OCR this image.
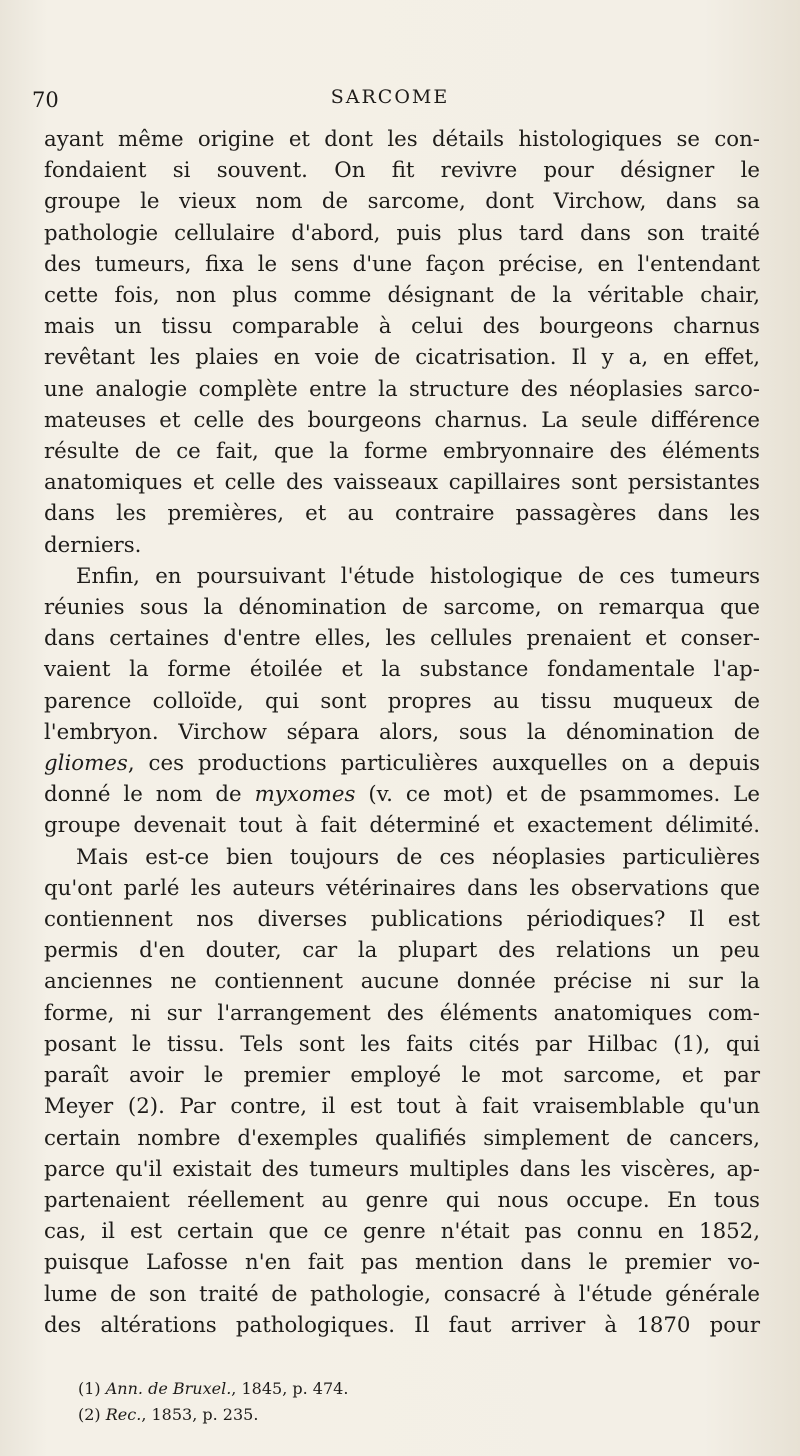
70	SARCOME
ayant même origine et dont les détails histologiques se con-
fondaient si souvent. On fit revivre pour désigner le
groupe le vieux nom de sarcome, dont Virchow, dans sa
pathologie cellulaire d'abord, puis plus tard dans son traité
des tumeurs, fixa le sens d'une façon précise, en l'entendant
cette fois, non plus comme désignant de la véritable chair,
mais un tissu comparable à celui des bourgeons charnus
revêtant les plaies en voie de cicatrisation. Il y a, en effet,
une analogie complète entre la structure des néoplasies sarco-
mateuses et celle des bourgeons charnus. La seule différence
résulte de ce fait, que la forme embryonnaire des éléments
anatomiques et celle des vaisseaux capillaires sont persistantes
dans les premières, et au contraire passagères dans les
derniers.
Enfin, en poursuivant l'étude histologique de ces tumeurs
réunies sous la dénomination de sarcome, on remarqua que
dans certaines d'entre elles, les cellules prenaient et conser-
vaient la forme étoilée et la substance fondamentale l'ap-
parence colloïde, qui sont propres au tissu muqueux de
l'embryon. Virchow sépara alors, sous la dénomination de
gliomes, ces productions particulières auxquelles on a depuis
donné le nom de myxomes (v. ce mot) et de psammomes. Le
groupe devenait tout à fait déterminé et exactement délimité.
Mais est-ce bien toujours de ces néoplasies particulières
qu'ont parlé les auteurs vétérinaires dans les observations que
contiennent nos diverses publications périodiques? Il est
permis d'en douter, car la plupart des relations un peu
anciennes ne contiennent aucune donnée précise ni sur la
forme, ni sur l'arrangement des éléments anatomiques com-
posant le tissu. Tels sont les faits cités par Hilbac (1), qui
paraît avoir le premier employé le mot sarcome, et par
Meyer (2). Par contre, il est tout à fait vraisemblable qu'un
certain nombre d'exemples qualifiés simplement de cancers,
parce qu'il existait des tumeurs multiples dans les viscères, ap-
partenaient réellement au genre qui nous occupe. En tous
cas, il est certain que ce genre n'était pas connu en 1852,
puisque Lafosse n'en fait pas mention dans le premier vo-
lume de son traité de pathologie, consacré à l'étude générale
des altérations pathologiques. Il faut arriver à 1870 pour
(1) Ann. de Bruxel., 1845, p. 474.
(2) Rec., 1853, p. 235.
